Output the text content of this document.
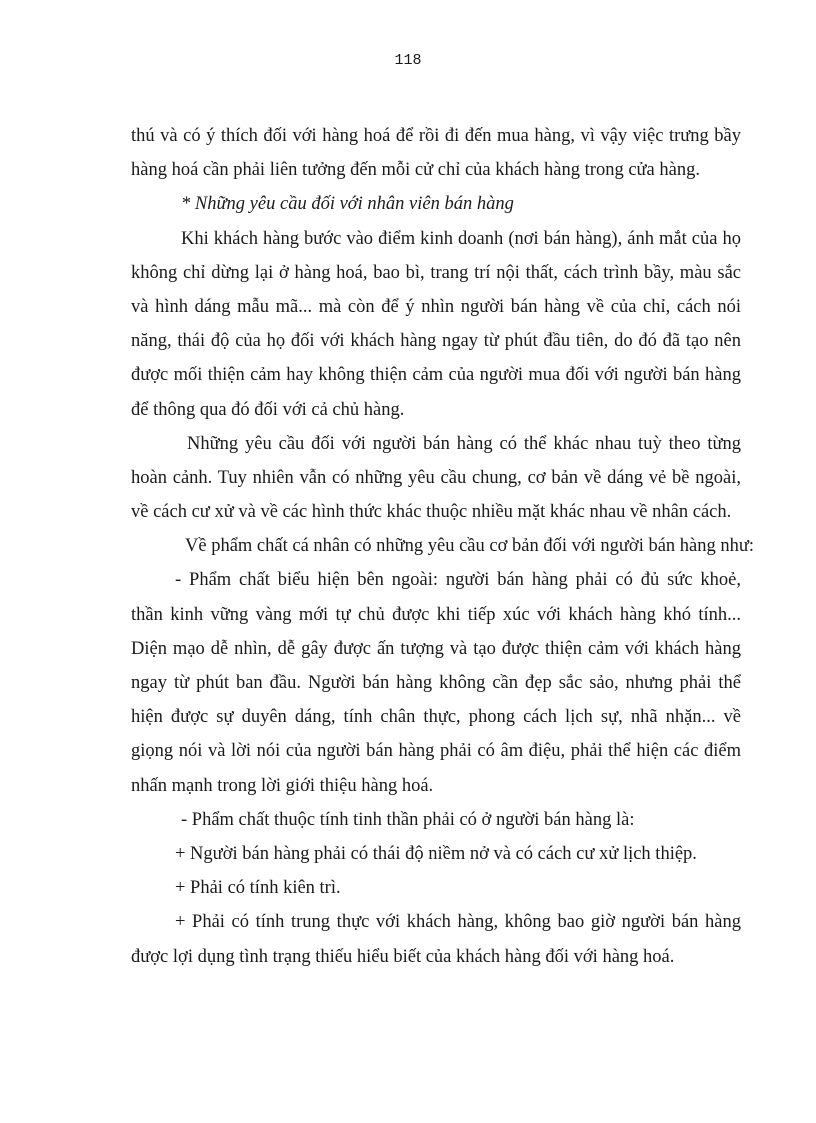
118
thú và có ý thích đối với hàng hoá để rồi đi đến mua hàng, vì vậy việc trưng bầy
hàng hoá cần phải liên tưởng đến mỗi cử chỉ của khách hàng trong cửa hàng.
* Những yêu cầu đối với nhân viên bán hàng
Khi khách hàng bước vào điểm kinh doanh (nơi bán hàng), ánh mắt của họ
không chỉ dừng lại ở hàng hoá, bao bì, trang trí nội thất, cách trình bầy, màu sắc
và hình dáng mẫu mã... mà còn để ý nhìn người bán hàng về của chỉ, cách nói
năng, thái độ của họ đối với khách hàng ngay từ phút đầu tiên, do đó đã tạo nên
được mối thiện cảm hay không thiện cảm của người mua đối với người bán hàng
để thông qua đó đối với cả chủ hàng.
Những yêu cầu đối với người bán hàng có thể khác nhau tuỳ theo từng
hoàn cảnh. Tuy nhiên vẫn có những yêu cầu chung, cơ bản về dáng vẻ bề ngoài,
về cách cư xử và về các hình thức khác thuộc nhiều mặt khác nhau về nhân cách.
Về phẩm chất cá nhân có những yêu cầu cơ bản đối với người bán hàng như:
- Phẩm chất biểu hiện bên ngoài: người bán hàng phải có đủ sức khoẻ,
thần kinh vững vàng mới tự chủ được khi tiếp xúc với khách hàng khó tính...
Diện mạo dễ nhìn, dễ gây được ấn tượng và tạo được thiện cảm với khách hàng
ngay từ phút ban đầu. Người bán hàng không cần đẹp sắc sảo, nhưng phải thể
hiện được sự duyên dáng, tính chân thực, phong cách lịch sự, nhã nhặn... về
giọng nói và lời nói của người bán hàng phải có âm điệu, phải thể hiện các điểm
nhấn mạnh trong lời giới thiệu hàng hoá.
- Phẩm chất thuộc tính tinh thần phải có ở người bán hàng là:
+ Người bán hàng phải có thái độ niềm nở và có cách cư xử lịch thiệp.
+ Phải có tính kiên trì.
+ Phải có tính trung thực với khách hàng, không bao giờ người bán hàng
được lợi dụng tình trạng thiếu hiểu biết của khách hàng đối với hàng hoá.
